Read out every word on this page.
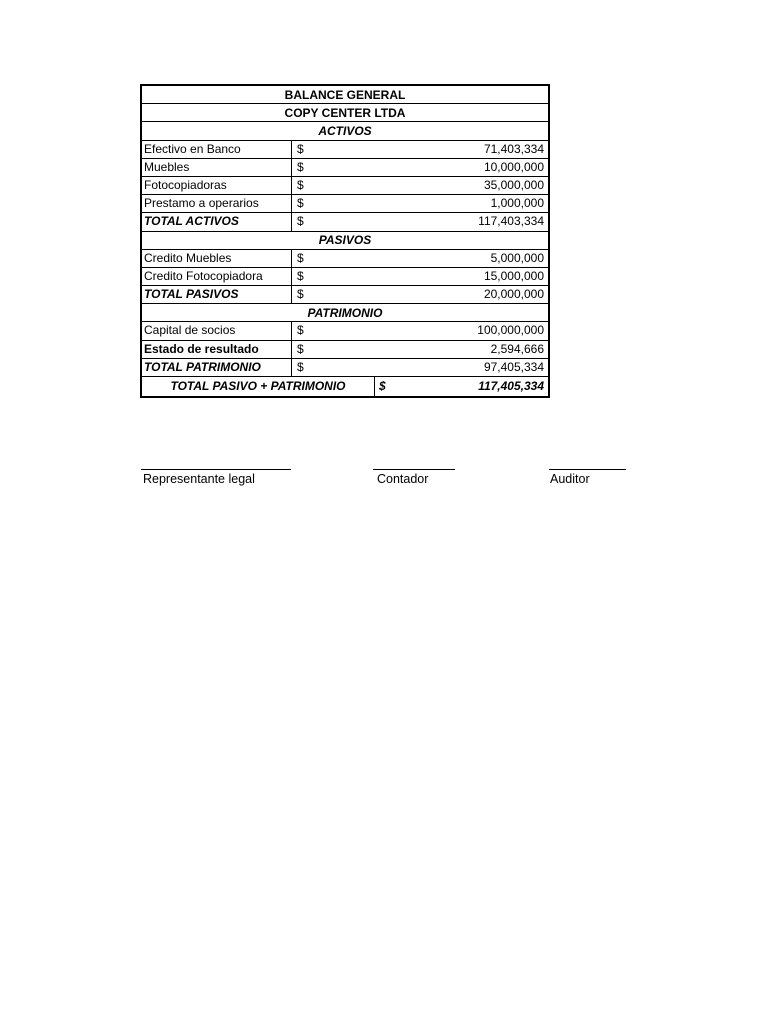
BALANCE GENERAL
COPY CENTER LTDA
ACTIVOS
Efectivo en Banco	$	71,403,334
Muebles	$	10,000,000
Fotocopiadoras	$	35,000,000
Prestamo a operarios	$	1,000,000
TOTAL ACTIVOS	$	117,403,334
PASIVOS
Credito Muebles	$	5,000,000
Credito Fotocopiadora	$	15,000,000
TOTAL PASIVOS	$	20,000,000
PATRIMONIO
Capital de socios	$	100,000,000
Estado de resultado	$	2,594,666
TOTAL PATRIMONIO	$	97,405,334
TOTAL PASIVO + PATRIMONIO	$	117,405,334
Representante legal	Contador	Auditor
